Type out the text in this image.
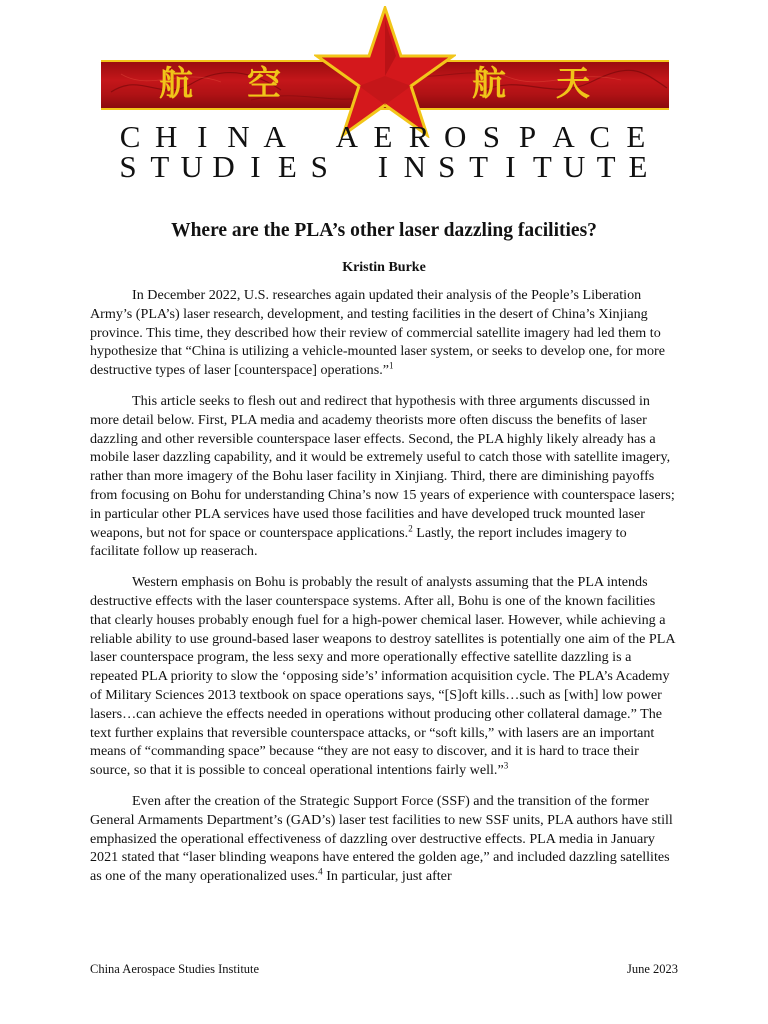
航 空	航 天
C H I N A A E R O S P A C E
S T U D I E S I N S T I T U T E
Where are the PLA’s other laser dazzling facilities?
Kristin Burke

In December 2022, U.S. researches again updated their analysis of the People’s Liberation Army’s (PLA’s) laser research, development, and testing facilities in the desert of China’s Xinjiang province. This time, they described how their review of commercial satellite imagery had led them to hypothesize that “China is utilizing a vehicle-mounted laser system, or seeks to develop one, for more destructive types of laser [counterspace] operations.”$^1$

This article seeks to flesh out and redirect that hypothesis with three arguments discussed in more detail below. First, PLA media and academy theorists more often discuss the benefits of laser dazzling and other reversible counterspace laser effects. Second, the PLA highly likely already has a mobile laser dazzling capability, and it would be extremely useful to catch those with satellite imagery, rather than more imagery of the Bohu laser facility in Xinjiang. Third, there are diminishing payoffs from focusing on Bohu for understanding China’s now 15 years of experience with counterspace lasers; in particular other PLA services have used those facilities and have developed truck mounted laser weapons, but not for space or counterspace applications.$^2$ Lastly, the report includes imagery to facilitate follow up reaserach.

Western emphasis on Bohu is probably the result of analysts assuming that the PLA intends destructive effects with the laser counterspace systems. After all, Bohu is one of the known facilities that clearly houses probably enough fuel for a high-power chemical laser. However, while achieving a reliable ability to use ground-based laser weapons to destroy satellites is potentially one aim of the PLA laser counterspace program, the less sexy and more operationally effective satellite dazzling is a repeated PLA priority to slow the ‘opposing side’s’ information acquisition cycle. The PLA’s Academy of Military Sciences 2013 textbook on space operations says, “[S]oft kills…such as [with] low power lasers…can achieve the effects needed in operations without producing other collateral damage.” The text further explains that reversible counterspace attacks, or “soft kills,” with lasers are an important means of “commanding space” because “they are not easy to discover, and it is hard to trace their source, so that it is possible to conceal operational intentions fairly well.”$^3$

Even after the creation of the Strategic Support Force (SSF) and the transition of the former General Armaments Department’s (GAD’s) laser test facilities to new SSF units, PLA authors have still emphasized the operational effectiveness of dazzling over destructive effects. PLA media in January 2021 stated that “laser blinding weapons have entered the golden age,” and included dazzling satellites as one of the many operationalized uses.$^4$ In particular, just after

China Aerospace Studies Institute	June 2023
